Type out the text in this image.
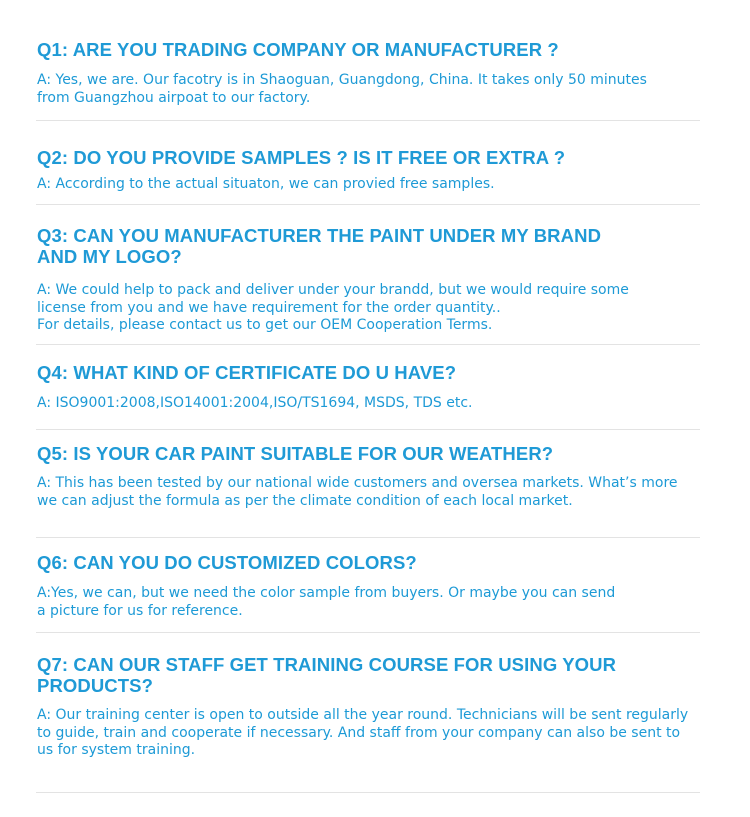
Q1: ARE YOU TRADING COMPANY OR MANUFACTURER ?

A: Yes, we are. Our facotry is in Shaoguan, Guangdong, China. It takes only 50 minutes
from Guangzhou airpoat to our factory.

Q2: DO YOU PROVIDE SAMPLES ? IS IT FREE OR EXTRA ?

A: According to the actual situaton, we can provied free samples.

Q3: CAN YOU MANUFACTURER THE PAINT UNDER MY BRAND
AND MY LOGO?

A: We could help to pack and deliver under your brandd, but we would require some
license from you and we have requirement for the order quantity..
For details, please contact us to get our OEM Cooperation Terms.

Q4: WHAT KIND OF CERTIFICATE DO U HAVE?

A: ISO9001:2008,ISO14001:2004,ISO/TS1694, MSDS, TDS etc.

Q5: IS YOUR CAR PAINT SUITABLE FOR OUR WEATHER?

A: This has been tested by our national wide customers and oversea markets. What’s more
we can adjust the formula as per the climate condition of each local market.

Q6: CAN YOU DO CUSTOMIZED COLORS?

A:Yes, we can, but we need the color sample from buyers. Or maybe you can send
a picture for us for reference.

Q7: CAN OUR STAFF GET TRAINING COURSE FOR USING YOUR
PRODUCTS?

A: Our training center is open to outside all the year round. Technicians will be sent regularly
to guide, train and cooperate if necessary. And staff from your company can also be sent to
us for system training.
